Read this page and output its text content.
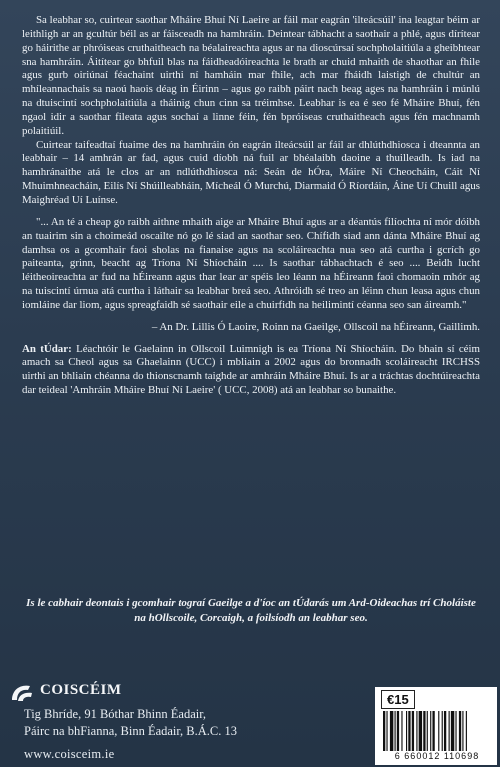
Sa leabhar so, cuirtear saothar Mháire Bhuí Ní Laeire ar fáil mar eagrán 'ilteácsúil' ina leagtar béim ar leithligh ar an gcultúr béil as ar fáisceadh na hamhráin. Deintear tábhacht a saothair a phlé, agus dírítear go háirithe ar phróiseas cruthaitheach na béalaireachta agus ar na dioscúrsaí sochpholaitiúla a gheibhtear sna hamhráin. Áitítear go bhfuil blas na fáidheadóireachta le brath ar chuid mhaith de shaothar an fhile agus gurb oiriúnaí féachaint uirthi ní hamháin mar fhile, ach mar fháidh laistigh de chultúr an mhíleannachais sa naoú haois déag in Éirinn – agus go raibh páirt nach beag ages na hamhráin i múnlú na dtuiscintí sochpholaitiúla a tháinig chun cinn sa tréimhse. Leabhar is ea é seo fé Mháire Bhuí, fén ngaol idir a saothar fileata agus sochaí a linne féin, fén bpróiseas cruthaitheach agus fén machnamh polaitiúil.

Cuirtear taifeadtaí fuaime des na hamhráin ón eagrán ilteácsúil ar fáil ar dhlúthdhiosca i dteannta an leabhair – 14 amhrán ar fad, agus cuid díobh ná fuil ar bhéalaibh daoine a thuilleadh. Is iad na hamhránaithe atá le clos ar an ndlúthdhiosca ná: Seán de hÓra, Máire Ní Cheocháin, Cáit Ní Mhuimhneacháin, Eilís Ní Shúilleabháin, Mícheál Ó Murchú, Diarmaid Ó Ríordáin, Áine Uí Chuill agus Maighréad Uí Luínse.

"... An té a cheap go raibh aithne mhaith aige ar Mháire Bhuí agus ar a déantús filíochta ní mór dóibh an tuairim sin a choimeád oscailte nó go lé siad an saothar seo. Chífidh siad ann dánta Mháire Bhuí ag damhsa os a gcomhair faoi sholas na fianaise agus na scoláireachta nua seo atá curtha i gcrích go paiteanta, grinn, beacht ag Tríona Ní Shíocháin .... Is saothar tábhachtach é seo .... Beidh lucht léitheoireachta ar fud na hÉireann agus thar lear ar spéis leo léann na hÉireann faoi chomaoin mhór ag na tuiscintí úrnua atá curtha i láthair sa leabhar breá seo. Athróidh sé treo an léinn chun leasa agus chun iomláine dar liom, agus spreagfaidh sé saothair eile a chuirfidh na heilimintí céanna seo san áireamh."

– An Dr. Lillis Ó Laoire, Roinn na Gaeilge, Ollscoil na hÉireann, Gaillimh.

An tÚdar: Léachtóir le Gaelainn in Ollscoil Luimnigh is ea Tríona Ní Shíocháin. Do bhain sí céim amach sa Cheol agus sa Ghaelainn (UCC) i mbliain a 2002 agus do bronnadh scoláireacht IRCHSS uirthi an bhliain chéanna do thionscnamh taighde ar amhráin Mháire Bhuí. Is ar a tráchtas dochtúireachta dar teideal 'Amhráin Mháire Bhuí Ní Laeire' ( UCC, 2008) atá an leabhar so bunaithe.

Is le cabhair deontais i gcomhair tograí Gaeilge a d'íoc an tÚdarás um Ard-Oideachas trí Choláiste na hOllscoile, Corcaigh, a foilsíodh an leabhar seo.
COISCÉIM
Tig Bhríde, 91 Bóthar Bhinn Éadair,
Páirc na bhFianna, Binn Éadair, B.Á.C. 13
www.coisceim.ie
€15
6 660012 110698
